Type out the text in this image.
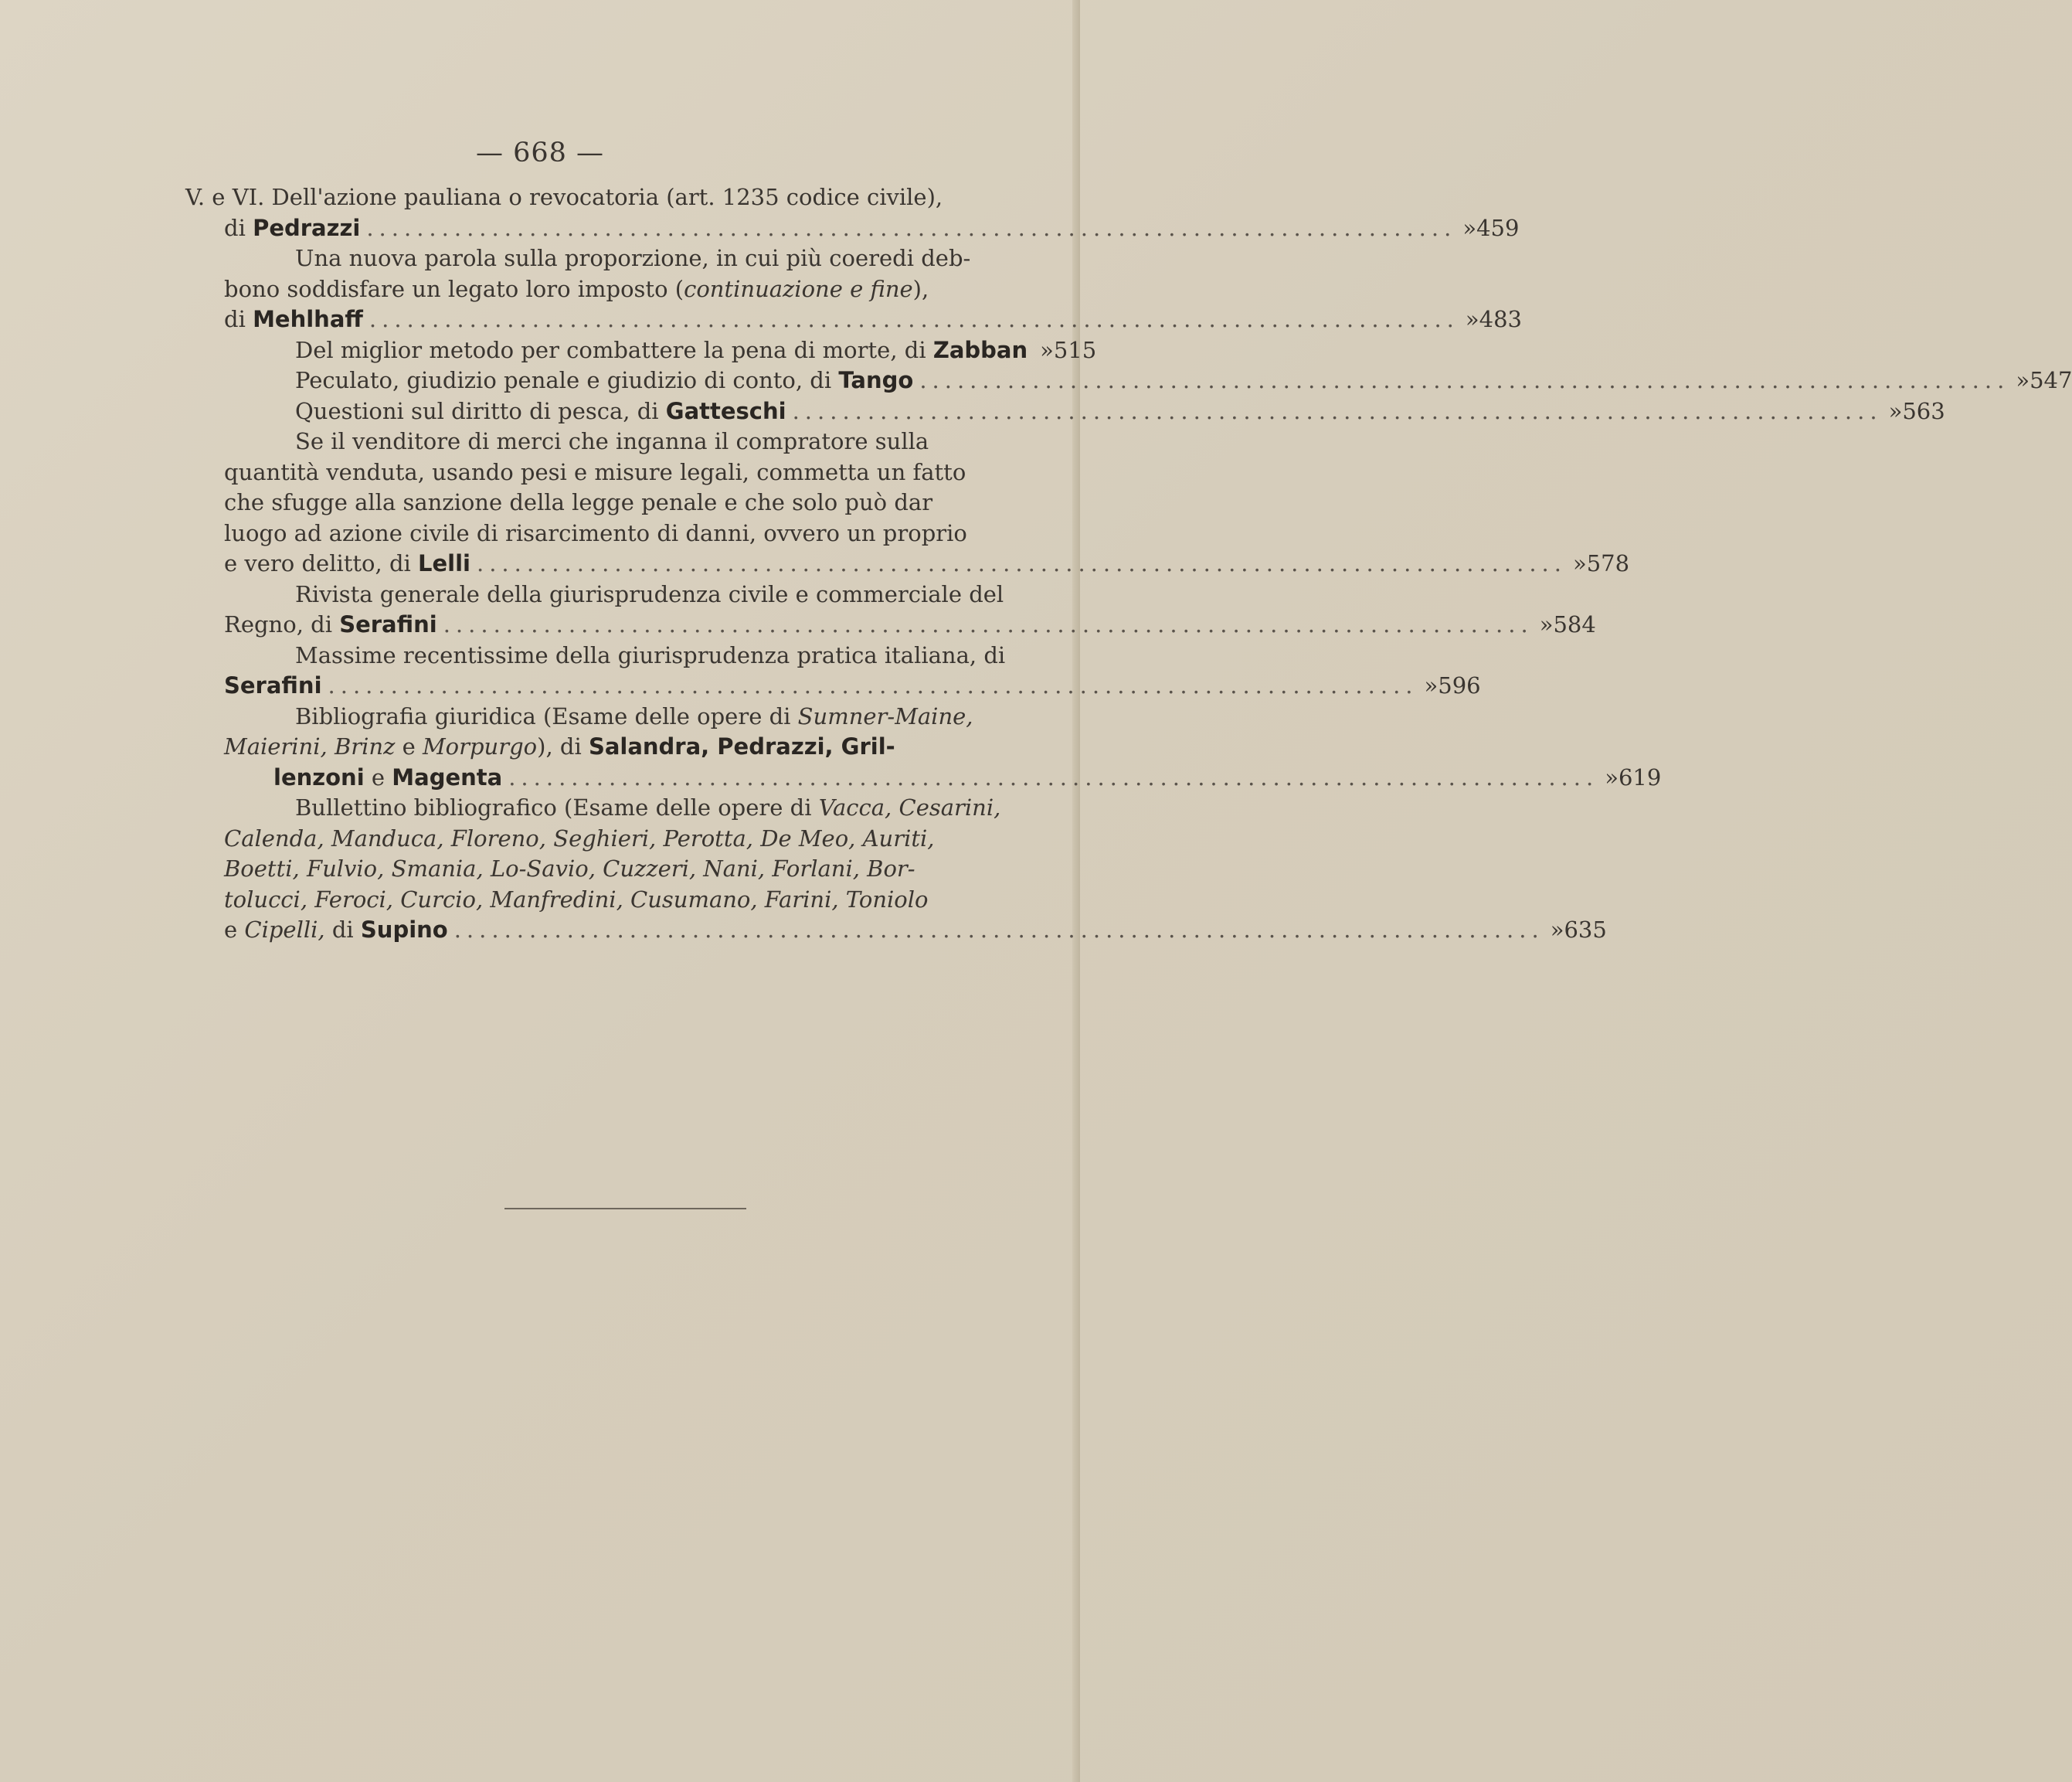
— 668 —
V. e VI.
Dell'azione pauliana o revocatoria (art. 1235 codice civile),
di
Pedrazzi ....................................................................................... » 459
Una nuova parola sulla proporzione, in cui più coeredi deb-
bono soddisfare un legato loro imposto ( continuazione e fine ),
di
Mehlhaff ....................................................................................... » 483
Del miglior metodo per combattere la pena di morte, di
Zabban » 515
Peculato, giudizio penale e giudizio di conto, di
Tango ....................................................................................... » 547
Questioni sul diritto di pesca, di
Gatteschi ....................................................................................... » 563
Se il venditore di merci che inganna il compratore sulla
quantità venduta, usando pesi e misure legali, commetta un fatto
che sfugge alla sanzione della legge penale e che solo può dar
luogo ad azione civile di risarcimento di danni, ovvero un proprio
e vero delitto, di
Lelli ....................................................................................... » 578
Rivista generale della giurisprudenza civile e commerciale del
Regno, di
Serafini ....................................................................................... » 584
Massime recentissime della giurisprudenza pratica italiana, di
Serafini ....................................................................................... » 596
Bibliografia giuridica (Esame delle opere di
Sumner-Maine,
Maierini, Brinz
e
Morpurgo ), di
Salandra, Pedrazzi, Gril-
lenzoni
e
Magenta ....................................................................................... » 619
Bullettino bibliografico (Esame delle opere di
Vacca, Cesarini,
Calenda, Manduca, Floreno, Seghieri, Perotta, De Meo, Auriti,
Boetti, Fulvio, Smania, Lo-Savio, Cuzzeri, Nani, Forlani, Bor-
tolucci, Feroci, Curcio, Manfredini, Cusumano, Farini, Toniolo
e
Cipelli,
di
Supino ....................................................................................... » 635
